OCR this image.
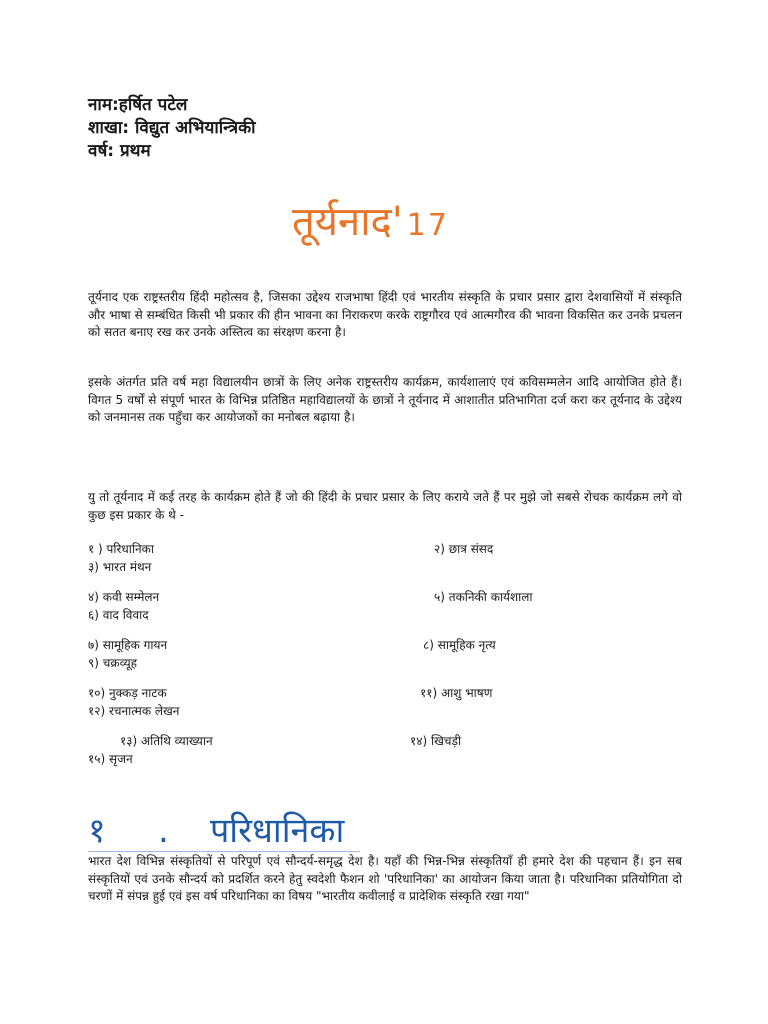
नाम:हर्षित पटेल
शाखा: विद्युत अभियान्त्रिकी
वर्ष: प्रथम
तूर्यनाद' 17
तूर्यनाद एक राष्ट्रस्तरीय हिंदी महोत्सव है, जिसका उद्देश्य राजभाषा हिंदी एवं भारतीय संस्कृति के प्रचार प्रसार द्वारा देशवासियों में संस्कृति और भाषा से सम्बंधित किसी भी प्रकार की हीन भावना का निराकरण करके राष्ट्रगौरव एवं आत्मगौरव की भावना विकसित कर उनके प्रचलन को सतत बनाए रख कर उनके अस्तित्व का संरक्षण करना है।
इसके अंतर्गत प्रति वर्ष महा विद्यालयीन छात्रों के लिए अनेक राष्ट्रस्तरीय कार्यक्रम, कार्यशालाएं एवं कविसम्मलेन आदि आयोजित होते हैं। विगत 5 वर्षों से संपूर्ण भारत के विभिन्न प्रतिष्ठित महाविद्यालयों के छात्रों ने तूर्यनाद में आशातीत प्रतिभागिता दर्ज करा कर तूर्यनाद के उद्देश्य को जनमानस तक पहुँचा कर आयोजकों का मनोबल बढ़ाया है।
यु तो तूर्यनाद में कई तरह के कार्यक्रम होते हैं जो की हिंदी के प्रचार प्रसार के लिए कराये जते हैं पर मुझे जो सबसे रोचक कार्यक्रम लगे वो कुछ इस प्रकार के थे -
१ ) परिधानिका	२) छात्र संसद
३) भारत मंथन
४) कवी सम्मेलन	५) तकनिकी कार्यशाला
६) वाद विवाद
७) सामूहिक गायन	८) सामूहिक नृत्य
९) चक्रव्यूह
१०) नुक्कड़ नाटक	११) आशु भाषण
१२) रचनात्मक लेखन
१३) अतिथि व्याख्यान	१४) खिचड़ी
१५) सृजन
१ . परिधानिका
भारत देश विभिन्न संस्कृतियों से परिपूर्ण एवं सौन्दर्य-समृद्ध देश है। यहाँ की भिन्न-भिन्न संस्कृतियाँ ही हमारे देश की पहचान हैं। इन सब संस्कृतियों एवं उनके सौन्दर्य को प्रदर्शित करने हेतु स्वदेशी फैशन शो 'परिधानिका' का आयोजन किया जाता है। परिधानिका प्रतियोगिता दो चरणों में संपन्न हुई एवं इस वर्ष परिधानिका का विषय "भारतीय कवीलाई व प्रादेशिक संस्कृति रखा गया"
